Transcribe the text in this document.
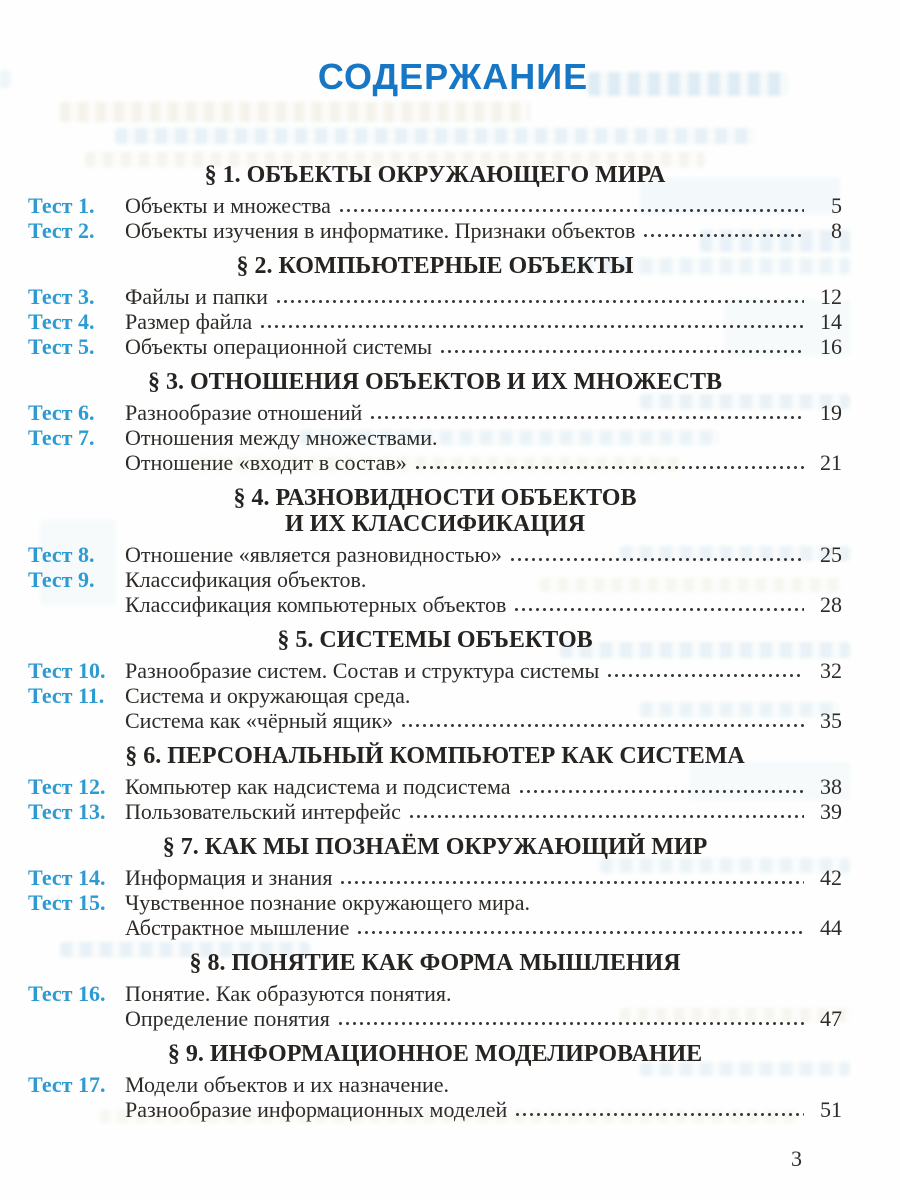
СОДЕРЖАНИЕ
§ 1. ОБЪЕКТЫ ОКРУЖАЮЩЕГО МИРА
Тест 1.	Объекты и множества	5
Тест 2.	Объекты изучения в информатике. Признаки объектов	8
§ 2. КОМПЬЮТЕРНЫЕ ОБЪЕКТЫ
Тест 3.	Файлы и папки	12
Тест 4.	Размер файла	14
Тест 5.	Объекты операционной системы	16
§ 3. ОТНОШЕНИЯ ОБЪЕКТОВ И ИХ МНОЖЕСТВ
Тест 6.	Разнообразие отношений	19
Тест 7.	Отношения между множествами.
Отношение «входит в состав»	21
§ 4. РАЗНОВИДНОСТИ ОБЪЕКТОВ
И ИХ КЛАССИФИКАЦИЯ
Тест 8.	Отношение «является разновидностью»	25
Тест 9.	Классификация объектов.
Классификация компьютерных объектов	28
§ 5. СИСТЕМЫ ОБЪЕКТОВ
Тест 10. Разнообразие систем. Состав и структура системы	32
Тест 11. Система и окружающая среда.
Система как «чёрный ящик»	35
§ 6. ПЕРСОНАЛЬНЫЙ КОМПЬЮТЕР КАК СИСТЕМА
Тест 12. Компьютер как надсистема и подсистема	38
Тест 13. Пользовательский интерфейс	39
§ 7. КАК МЫ ПОЗНАЁМ ОКРУЖАЮЩИЙ МИР
Тест 14. Информация и знания	42
Тест 15. Чувственное познание окружающего мира.
Абстрактное мышление	44
§ 8. ПОНЯТИЕ КАК ФОРМА МЫШЛЕНИЯ
Тест 16. Понятие. Как образуются понятия.
Определение понятия	47
§ 9. ИНФОРМАЦИОННОЕ МОДЕЛИРОВАНИЕ
Тест 17. Модели объектов и их назначение.
Разнообразие информационных моделей	51
3
